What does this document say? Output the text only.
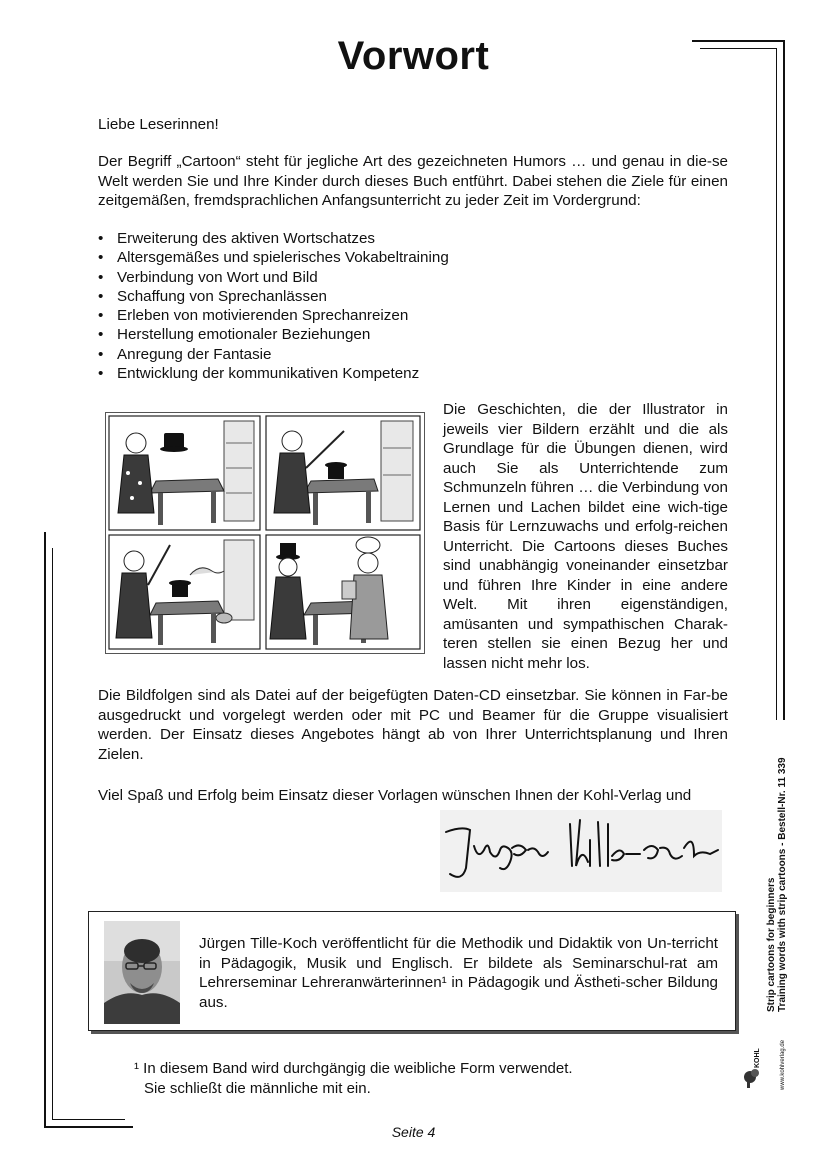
Vorwort
Liebe Leserinnen!
Der Begriff „Cartoon“ steht für jegliche Art des gezeichneten Humors … und genau in die-se Welt werden Sie und Ihre Kinder durch dieses Buch entführt. Dabei stehen die Ziele für einen zeitgemäßen, fremdsprachlichen Anfangsunterricht zu jeder Zeit im Vordergrund:
• Erweiterung des aktiven Wortschatzes
• Altersgemäßes und spielerisches Vokabeltraining
• Verbindung von Wort und Bild
• Schaffung von Sprechanlässen
• Erleben von motivierenden Sprechanreizen
• Herstellung emotionaler Beziehungen
• Anregung der Fantasie
• Entwicklung der kommunikativen Kompetenz
Die Geschichten, die der Illustrator in jeweils vier Bildern erzählt und die als Grundlage für die Übungen dienen, wird auch Sie als Unterrichtende zum Schmunzeln führen … die Verbindung von Lernen und Lachen bildet eine wich-tige Basis für Lernzuwachs und erfolg-reichen Unterricht. Die Cartoons dieses Buches sind unabhängig voneinander einsetzbar und führen Ihre Kinder in eine andere Welt. Mit ihren eigenständigen, amüsanten und sympathischen Charak-teren stellen sie einen Bezug her und lassen nicht mehr los.
Die Bildfolgen sind als Datei auf der beigefügten Daten-CD einsetzbar. Sie können in Far-be ausgedruckt und vorgelegt werden oder mit PC und Beamer für die Gruppe visualisiert werden. Der Einsatz dieses Angebotes hängt ab von Ihrer Unterrichtsplanung und Ihren Zielen.
Viel Spaß und Erfolg beim Einsatz dieser Vorlagen wünschen Ihnen der Kohl-Verlag und
Jürgen Tille-Koch veröffentlicht für die Methodik und Didaktik von Un-terricht in Pädagogik, Musik und Englisch. Er bildete als Seminarschul-rat am Lehrerseminar Lehreranwärterinnen¹ in Pädagogik und Ästheti-scher Bildung aus.
¹ In diesem Band wird durchgängig die weibliche Form verwendet.
Sie schließt die männliche mit ein.
Seite 4
Strip cartoons for beginners Training words with strip cartoons - Bestell-Nr. 11 339
KOHL	www.kohlverlag.de
